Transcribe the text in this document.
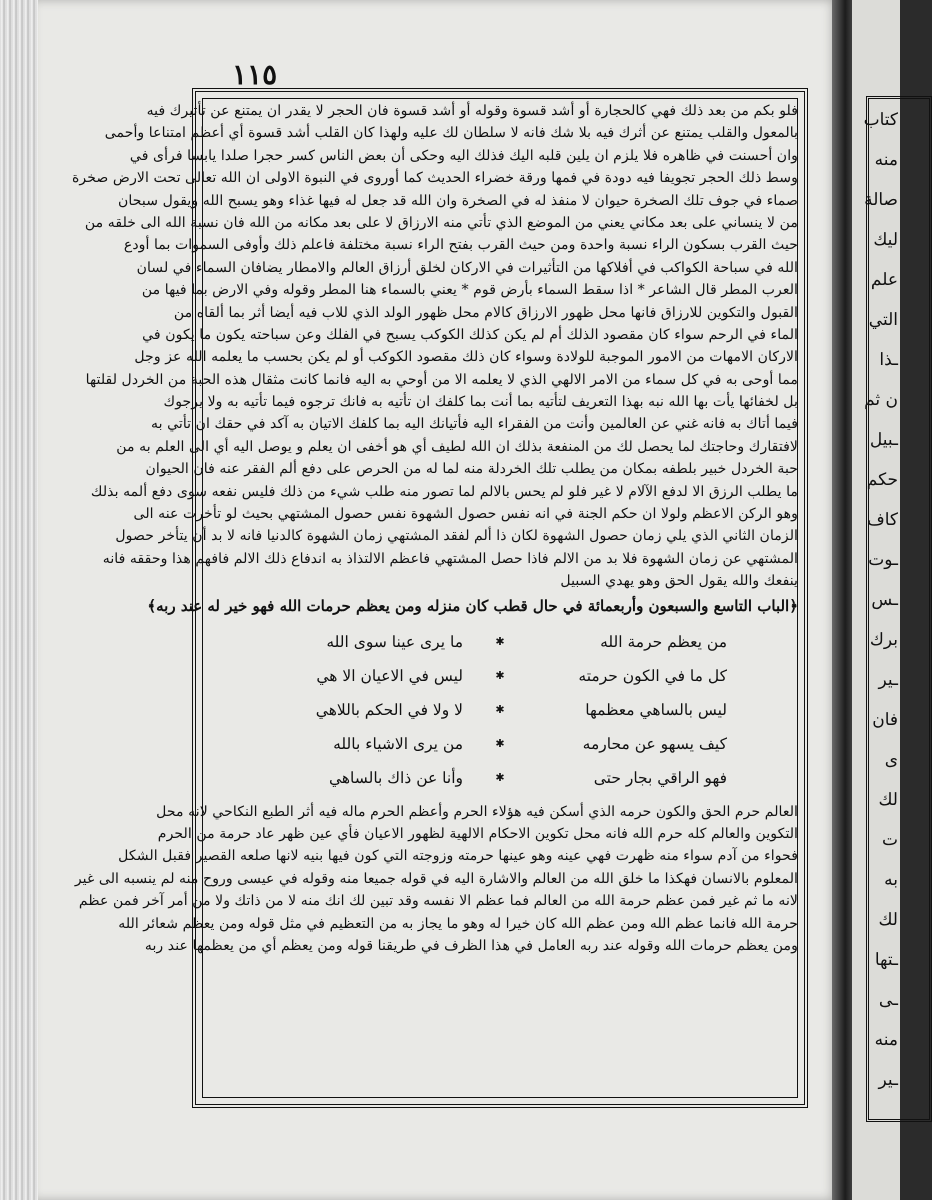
١١٥
فلو بكم من بعد ذلك فهي كالحجارة أو أشد قسوة وقوله أو أشد قسوة فان الحجر لا يقدر ان يمتنع عن تأثيرك فيه
بالمعول والقلب يمتنع عن أثرك فيه بلا شك فانه لا سلطان لك عليه ولهذا كان القلب أشد قسوة أي أعظم امتناعا وأحمى
وان أحسنت في ظاهره فلا يلزم ان يلين قلبه اليك فذلك اليه وحكى أن بعض الناس كسر حجرا صلدا يابسا فرأى في
وسط ذلك الحجر تجويفا فيه دودة في فمها ورقة خضراء الحديث كما أوروى في النبوة الاولى ان الله تعالى تحت الارض صخرة
صماء في جوف تلك الصخرة حيوان لا منفذ له في الصخرة وان الله قد جعل له فيها غذاء وهو يسبح الله ويقول سبحان
من لا ينساني على بعد مكاني يعني من الموضع الذي تأتي منه الارزاق لا على بعد مكانه من الله فان نسبة الله الى خلقه من
حيث القرب بسكون الراء نسبة واحدة ومن حيث القرب بفتح الراء نسبة مختلفة فاعلم ذلك وأوفى السموات بما أودع
الله في سباحة الكواكب في أفلاكها من التأثيرات في الاركان لخلق أرزاق العالم والامطار يضافان السماء في لسان
العرب المطر قال الشاعر * اذا سقط السماء بأرض قوم * يعني بالسماء هنا المطر وقوله وفي الارض بما فيها من
القبول والتكوين للارزاق فانها محل ظهور الارزاق كالام محل ظهور الولد الذي للاب فيه أيضا أثر بما ألقاه من
الماء في الرحم سواء كان مقصود الذلك أم لم يكن كذلك الكوكب يسبح في الفلك وعن سباحته يكون ما يكون في
الاركان الامهات من الامور الموجبة للولادة وسواء كان ذلك مقصود الكوكب أو لم يكن بحسب ما يعلمه الله عز وجل
مما أوحى به في كل سماء من الامر الالهي الذي لا يعلمه الا من أوحي به اليه فانما كانت مثقال هذه الحبة من الخردل لقلتها
بل لخفائها يأت بها الله نبه بهذا التعريف لتأتيه بما أنت بما كلفك ان تأتيه به فانك ترجوه فيما تأتيه به ولا يرجوك
فيما أتاك به فانه غني عن العالمين وأنت من الفقراء اليه فأتيانك اليه بما كلفك الاتيان به آكد في حقك ان تأتي به
لافتقارك وحاجتك لما يحصل لك من المنفعة بذلك ان الله لطيف أي هو أخفى ان يعلم و يوصل اليه أي الى العلم به من
حبة الخردل خبير بلطفه بمكان من يطلب تلك الخردلة منه لما له من الحرص على دفع ألم الفقر عنه فان الحيوان
ما يطلب الرزق الا لدفع الآلام لا غير فلو لم يحس بالالم لما تصور منه طلب شيء من ذلك فليس نفعه سوى دفع ألمه بذلك
وهو الركن الاعظم ولولا ان حكم الجنة في انه نفس حصول الشهوة نفس حصول المشتهي بحيث لو تأخرت عنه الى
الزمان الثاني الذي يلي زمان حصول الشهوة لكان ذا ألم لفقد المشتهي زمان الشهوة كالدنيا فانه لا بد أن يتأخر حصول
المشتهي عن زمان الشهوة فلا بد من الالم فاذا حصل المشتهي فاعظم الالتذاذ به اندفاع ذلك الالم فافهم هذا وحققه فانه
ينفعك والله يقول الحق وهو يهدي السبيل
﴿الباب التاسع والسبعون وأربعمائة في حال قطب كان منزله ومن يعظم حرمات الله فهو خير له عند ربه﴾
من يعظم حرمة الله
✱
ما يرى عينا سوى الله
كل ما في الكون حرمته
✱
ليس في الاعيان الا هي
ليس بالساهي معظمها
✱
لا ولا في الحكم باللاهي
كيف يسهو عن محارمه
✱
من يرى الاشياء بالله
فهو الراقي بجار حتى
✱
وأنا عن ذاك بالساهي
العالم حرم الحق والكون حرمه الذي أسكن فيه هؤلاء الحرم وأعظم الحرم ماله فيه أثر الطبع النكاحي لانه محل
التكوين والعالم كله حرم الله فانه محل تكوين الاحكام الالهية لظهور الاعيان فأي عين ظهر عاد حرمة من الحرم
فحواء من آدم سواء منه ظهرت فهي عينه وهو عينها حرمته وزوجته التي كون فيها بنيه لانها صلعه القصير فقبل الشكل
المعلوم بالانسان فهكذا ما خلق الله من العالم والاشارة اليه في قوله جميعا منه وقوله في عيسى وروح منه لم ينسبه الى غير
لانه ما ثم غير فمن عظم حرمة الله من العالم فما عظم الا نفسه وقد تبين لك انك منه لا من ذاتك ولا من أمر آخر فمن عظم
حرمة الله فانما عظم الله ومن عظم الله كان خيرا له وهو ما يجاز به من التعظيم في مثل قوله ومن يعظم شعائر الله
ومن يعظم حرمات الله وقوله عند ربه العامل في هذا الظرف في طريقنا قوله ومن يعظم أي من يعظمها عند ربه
كتاب
منه
صالة
ليك
علم
التي
ـذا
ن ثم
ـبيل
حكم
كاف
ـوت
ـس
برك
ـير
فان
ى
لك
ت
به
لك
ـتها
ـى
منه
ـير
